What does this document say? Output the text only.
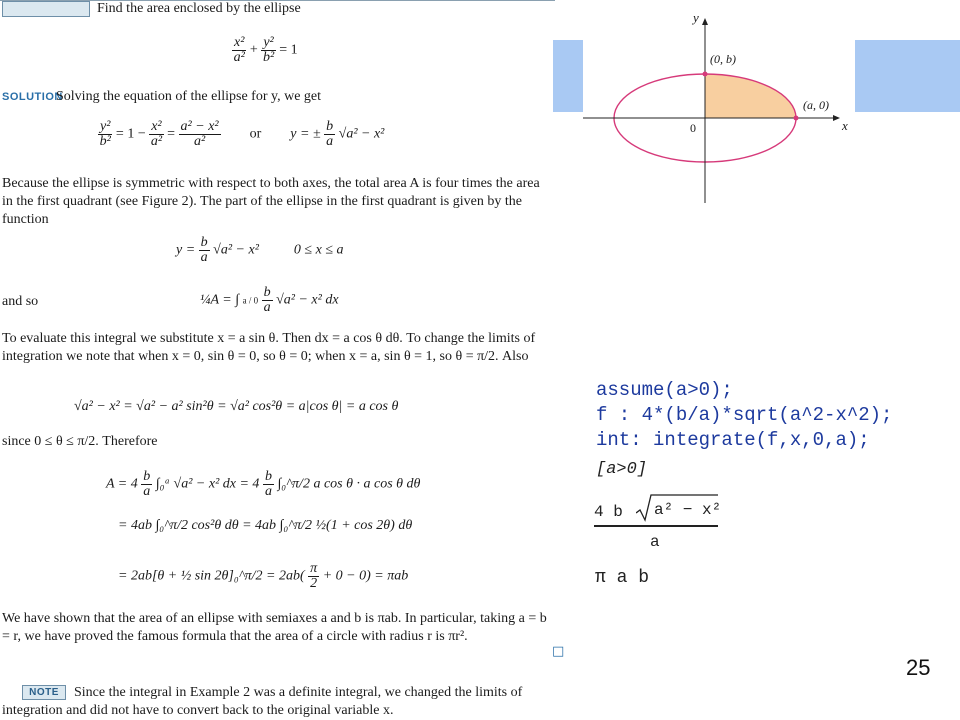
Find the area enclosed by the ellipse
$\frac{\text{x²}}{\text{a²}} + \frac{\text{y²}}{\text{b²}} = 1$
SOLUTION
Solving the equation of the ellipse for y, we get
$\frac{\text{y²}}{\text{b²}} = 1 - \frac{\text{x²}}{\text{a²}} = \frac{\text{a² − x²}}{\text{a²}}$ or y = ± $\frac{b}{a} √a^2 - x^2$
Because the ellipse is symmetric with respect to both axes, the total area A is four times the area in the first quadrant (see Figure 2). The part of the ellipse in the first quadrant is given by the function
$y = \frac{b}{a} √a^2 - x^2$	0 ≤ x ≤ a
and so	¼A = ∫ $a / 0 \frac{b}{a} √a^2 - x^2$ dx
To evaluate this integral we substitute x = a sin θ. Then dx = a cos θ dθ. To change the limits of integration we note that when x = 0, sin θ = 0, so θ = 0; when x = a, sin θ = 1, so θ = π/2. Also
√a² − x² = √a² − a² sin²θ = √a² cos²θ = a|cos θ| = a cos θ
since 0 ≤ θ ≤ π/2. Therefore
$A = 4 \frac{b}{a}$ ∫₀ᵃ √a² − x² dx = $4 \frac{b}{a}$ ∫₀^π/2 a cos θ · a cos θ dθ
= 4ab ∫₀^π/2 cos²θ dθ = 4ab ∫₀^π/2 ½(1 + cos 2θ) dθ
= 2ab[θ + ½ sin 2θ]₀^π/2 = $2ab( \frac{\pi}{2} + 0 - 0) = \pi ab$
We have shown that the area of an ellipse with semiaxes a and b is πab. In particular, taking a = b = r, we have proved the famous formula that the area of a circle with radius r is πr².
□
NOTE	Since the integral in Example 2 was a definite integral, we changed the limits of integration and did not have to convert back to the original variable x.
y
x
(0, b)
(a, 0)
0
assume(a>0);
f : 4*(b/a)*sqrt(a^2-x^2);
int: integrate(f,x,0,a);
[a>0]
4 b a² − x²
a
π a b
25
